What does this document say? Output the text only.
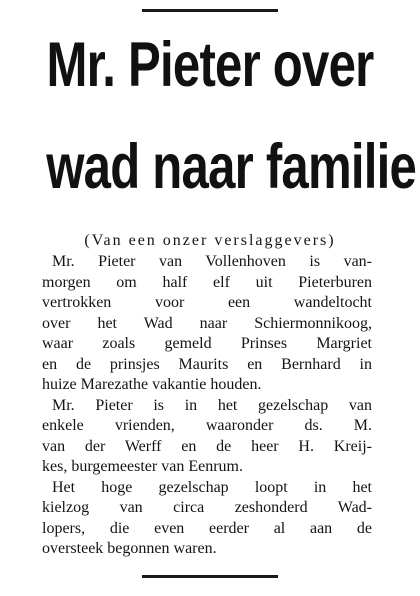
Mr. Pieter over
wad naar familie
(Van een onzer verslaggevers)
Mr. Pieter van Vollenhoven is van-
morgen om half elf uit Pieterburen
vertrokken voor een wandeltocht
over het Wad naar Schiermonnikoog,
waar zoals gemeld Prinses Margriet
en de prinsjes Maurits en Bernhard in
huize Marezathe vakantie houden.
Mr. Pieter is in het gezelschap van
enkele vrienden, waaronder ds. M.
van der Werff en de heer H. Kreij-
kes, burgemeester van Eenrum.
Het hoge gezelschap loopt in het
kielzog van circa zeshonderd Wad-
lopers, die even eerder al aan de
oversteek begonnen waren.
